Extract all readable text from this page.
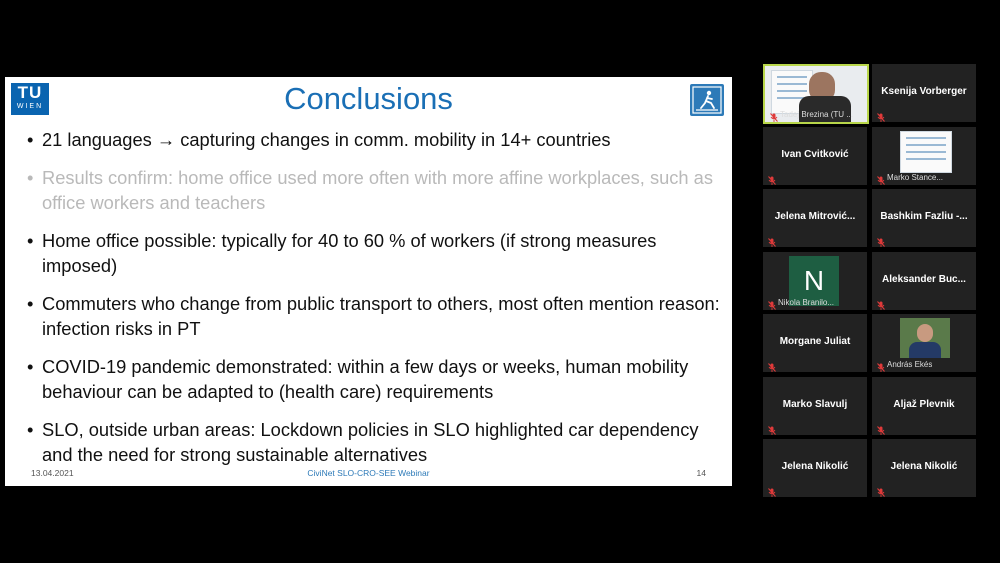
TU
WIEN	Conclusions
• 21 languages → capturing changes in comm. mobility in 14+ countries
• Results confirm: home office used more often with more affine workplaces, such as office workers and teachers
• Home office possible: typically for 40 to 60 % of workers (if strong measures imposed)
• Commuters who change from public transport to others, most often mention reason: infection risks in PT
• COVID-19 pandemic demonstrated: within a few days or weeks, human mobility behaviour can be adapted to (health care) requirements
• SLO, outside urban areas: Lockdown policies in SLO highlighted car dependency and the need for strong sustainable alternatives
13.04.2021	CiviNet SLO-CRO-SEE Webinar	14
Tadej Brezina (TU ...
Ksenija Vorberger
Ivan Cvitković
Marko Stance...
Jelena Mitrović...	Bashkim Fazliu -...
N
Nikola Branilo...
Aleksander Buc...
Morgane Juliat
András Ekés
Marko Slavulj	Aljaž Plevnik
Jelena Nikolić	Jelena Nikolić
